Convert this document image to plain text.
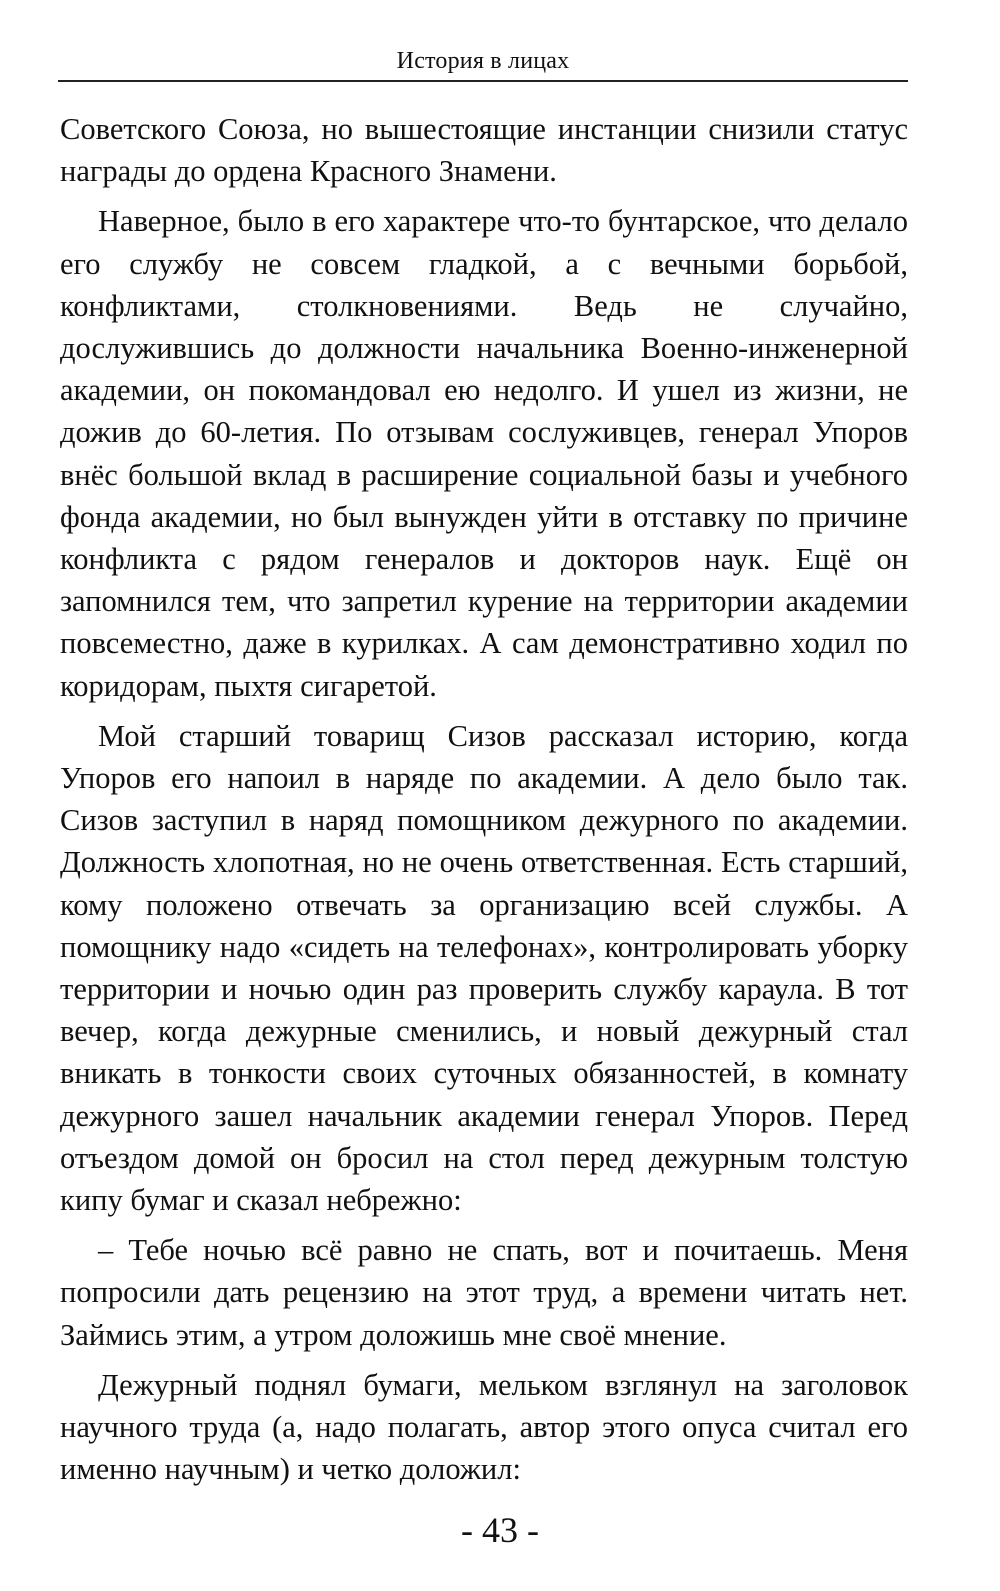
История в лицах

Советского Союза, но вышестоящие инстанции снизили статус награды до ордена Красного Знамени.

Наверное, было в его характере что-то бунтарское, что делало его службу не совсем гладкой, а с вечными борьбой, конфликтами, столкновениями. Ведь не случайно, дослужившись до должности начальника Военно-инженерной академии, он покомандовал ею недолго. И ушел из жизни, не дожив до 60-летия. По отзывам сослуживцев, генерал Упоров внёс большой вклад в расширение социальной базы и учебного фонда академии, но был вынужден уйти в отставку по причине конфликта с рядом генералов и докторов наук. Ещё он запомнился тем, что запретил курение на территории академии повсеместно, даже в курилках. А сам демонстративно ходил по коридорам, пыхтя сигаретой.

Мой старший товарищ Сизов рассказал историю, когда Упоров его напоил в наряде по академии. А дело было так. Сизов заступил в наряд помощником дежурного по академии. Должность хлопотная, но не очень ответственная. Есть старший, кому положено отвечать за организацию всей службы. А помощнику надо «сидеть на телефонах», контролировать уборку территории и ночью один раз проверить службу караула. В тот вечер, когда дежурные сменились, и новый дежурный стал вникать в тонкости своих суточных обязанностей, в комнату дежурного зашел начальник академии генерал Упоров. Перед отъездом домой он бросил на стол перед дежурным толстую кипу бумаг и сказал небрежно:

– Тебе ночью всё равно не спать, вот и почитаешь. Меня попросили дать рецензию на этот труд, а времени читать нет. Займись этим, а утром доложишь мне своё мнение.

Дежурный поднял бумаги, мельком взглянул на заголовок научного труда (а, надо полагать, автор этого опуса считал его именно научным) и четко доложил:

- 43 -
